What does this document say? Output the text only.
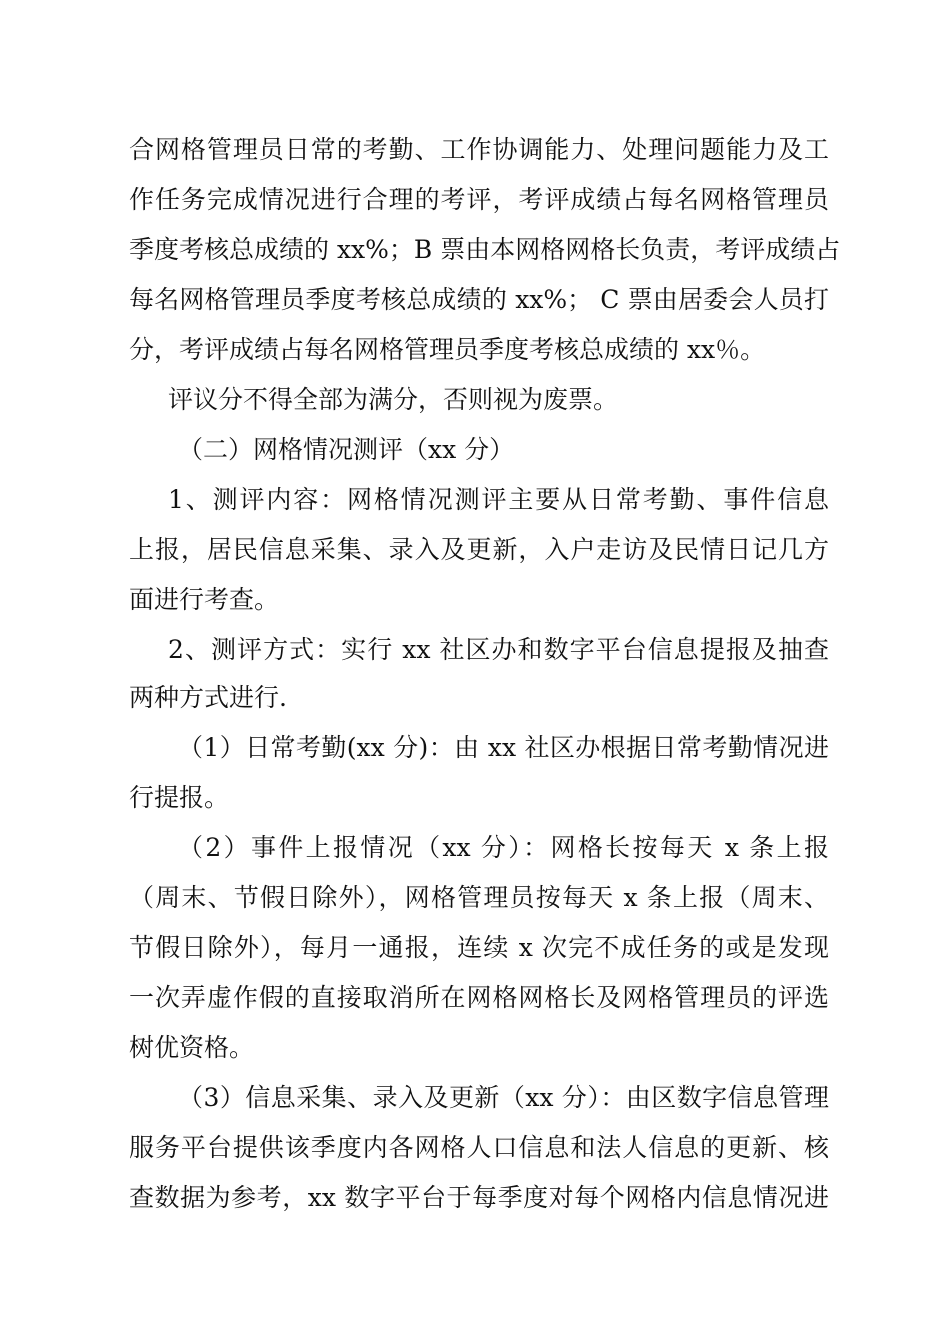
合网格管理员日常的考勤、工作协调能力、处理问题能力及工
作任务完成情况进行合理的考评，考评成绩占每名网格管理员
季度考核总成绩的 xx%；B 票由本网格网格长负责，考评成绩占
每名网格管理员季度考核总成绩的 xx%； C 票由居委会人员打
分，考评成绩占每名网格管理员季度考核总成绩的 xx％。
评议分不得全部为满分，否则视为废票。
（二）网格情况测评（xx 分）
1、测评内容：网格情况测评主要从日常考勤、事件信息
上报，居民信息采集、录入及更新，入户走访及民情日记几方
面进行考查。
2、测评方式：实行 xx 社区办和数字平台信息提报及抽查
两种方式进行.
（1）日常考勤(xx 分)：由 xx 社区办根据日常考勤情况进
行提报。
（2）事件上报情况（xx 分）：网格长按每天 x 条上报
（周末、节假日除外），网格管理员按每天 x 条上报（周末、
节假日除外），每月一通报，连续 x 次完不成任务的或是发现
一次弄虚作假的直接取消所在网格网格长及网格管理员的评选
树优资格。
（3）信息采集、录入及更新（xx 分）：由区数字信息管理
服务平台提供该季度内各网格人口信息和法人信息的更新、核
查数据为参考，xx 数字平台于每季度对每个网格内信息情况进
